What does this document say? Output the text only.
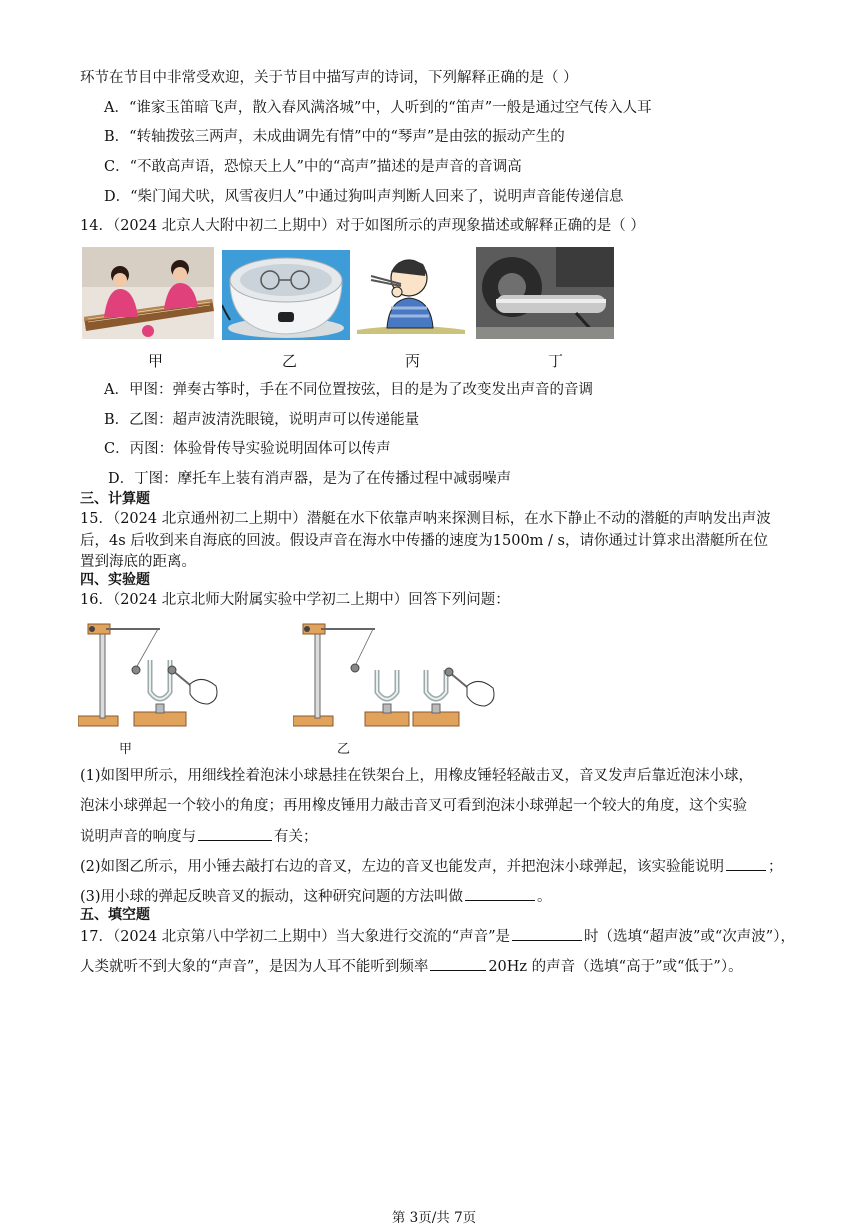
环节在节目中非常受欢迎，关于节目中描写声的诗词，下列解释正确的是（ ）
A．“谁家玉笛暗飞声，散入春风满洛城”中，人听到的“笛声”一般是通过空气传入人耳
B．“转轴拨弦三两声，未成曲调先有情”中的“琴声”是由弦的振动产生的
C．“不敢高声语，恐惊天上人”中的“高声”描述的是声音的音调高
D．“柴门闻犬吠，风雪夜归人”中通过狗叫声判断人回来了，说明声音能传递信息
14．（2024 北京人大附中初二上期中）对于如图所示的声现象描述或解释正确的是（ ）
甲	乙	丙	丁
A．甲图：弹奏古筝时，手在不同位置按弦，目的是为了改变发出声音的音调
B．乙图：超声波清洗眼镜，说明声可以传递能量
C．丙图：体验骨传导实验说明固体可以传声
D．丁图：摩托车上装有消声器，是为了在传播过程中减弱噪声
三、计算题
15．（2024 北京通州初二上期中）潜艇在水下依靠声呐来探测目标，在水下静止不动的潜艇的声呐发出声波
后，4s 后收到来自海底的回波。假设声音在海水中传播的速度为1500m / s，请你通过计算求出潜艇所在位
置到海底的距离。
四、实验题
16．（2024 北京北师大附属实验中学初二上期中）回答下列问题：
甲	乙
(1)如图甲所示，用细线拴着泡沫小球悬挂在铁架台上，用橡皮锤轻轻敲击叉，音叉发声后靠近泡沫小球，
泡沫小球弹起一个较小的角度；再用橡皮锤用力敲击音叉可看到泡沫小球弹起一个较大的角度，这个实验
说明声音的响度与	有关；
(2)如图乙所示，用小锤去敲打右边的音叉，左边的音叉也能发声，并把泡沫小球弹起，该实验能说明	；
(3)用小球的弹起反映音叉的振动，这种研究问题的方法叫做	。
五、填空题
17．（2024 北京第八中学初二上期中）当大象进行交流的“声音”是	时（选填“超声波”或“次声波”），
人类就听不到大象的“声音”，是因为人耳不能听到频率	20Hz 的声音（选填“高于”或“低于”）。
第 3页/共 7页
